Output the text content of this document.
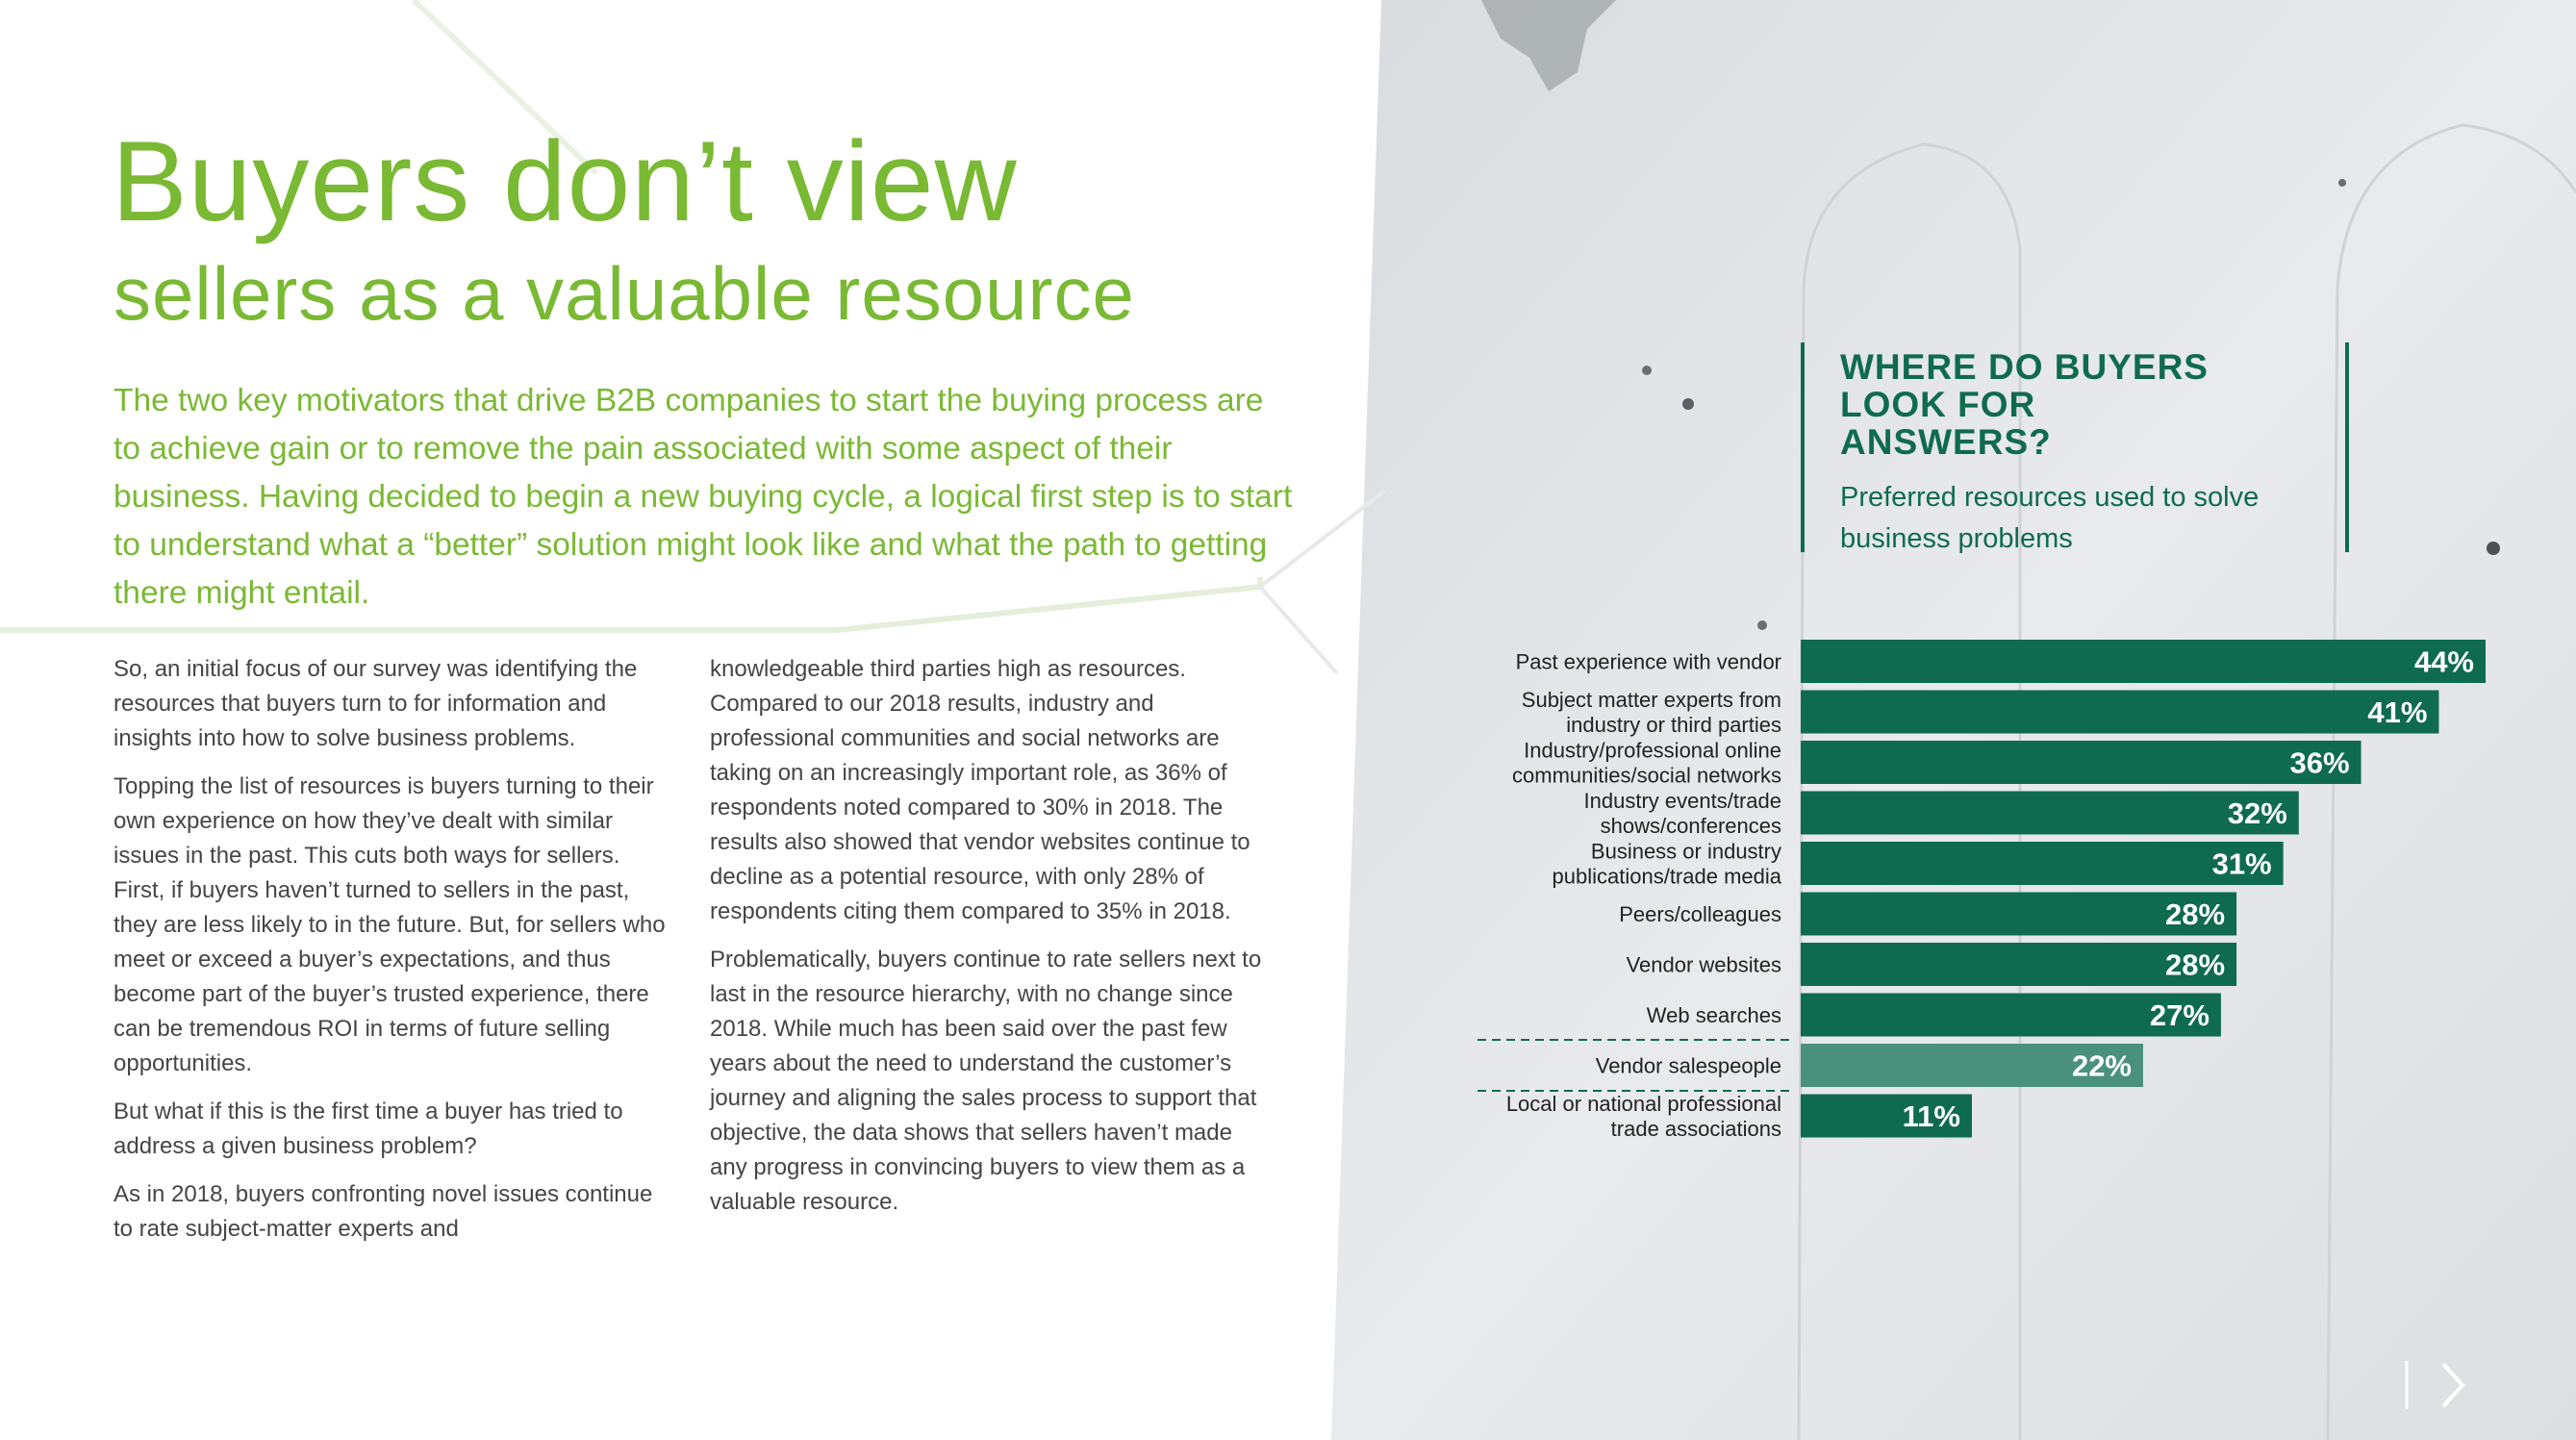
Buyers don’t view
sellers as a valuable resource
The two key motivators that drive B2B companies to start the buying process are to achieve gain or to remove the pain associated with some aspect of their business. Having decided to begin a new buying cycle, a logical first step is to start to understand what a “better” solution might look like and what the path to getting there might entail.

So, an initial focus of our survey was identifying the resources that buyers turn to for information and insights into how to solve business problems.

Topping the list of resources is buyers turning to their own experience on how they’ve dealt with similar issues in the past. This cuts both ways for sellers. First, if buyers haven’t turned to sellers in the past, they are less likely to in the future. But, for sellers who meet or exceed a buyer’s expectations, and thus become part of the buyer’s trusted experience, there can be tremendous ROI in terms of future selling opportunities.

But what if this is the first time a buyer has tried to address a given business problem?

As in 2018, buyers confronting novel issues continue to rate subject-matter experts and

knowledgeable third parties high as resources. Compared to our 2018 results, industry and professional communities and social networks are taking on an increasingly important role, as 36% of respondents noted compared to 30% in 2018. The results also showed that vendor websites continue to decline as a potential resource, with only 28% of respondents citing them compared to 35% in 2018.

Problematically, buyers continue to rate sellers next to last in the resource hierarchy, with no change since 2018. While much has been said over the past few years about the need to understand the customer’s journey and aligning the sales process to support that objective, the data shows that sellers haven’t made any progress in convincing buyers to view them as a valuable resource.

WHERE DO BUYERS LOOK FOR ANSWERS?
Preferred resources used to solve business problems
44%
Past experience with vendor
41%
Subject matter experts from industry or third parties
36%
Industry/professional online communities/social networks
32%
Industry events/trade shows/conferences
31%
Business or industry publications/trade media
28%
Peers/colleagues
28%
Vendor websites
27%
Web searches
22%
Vendor salespeople
11%
Local or national professional trade associations
